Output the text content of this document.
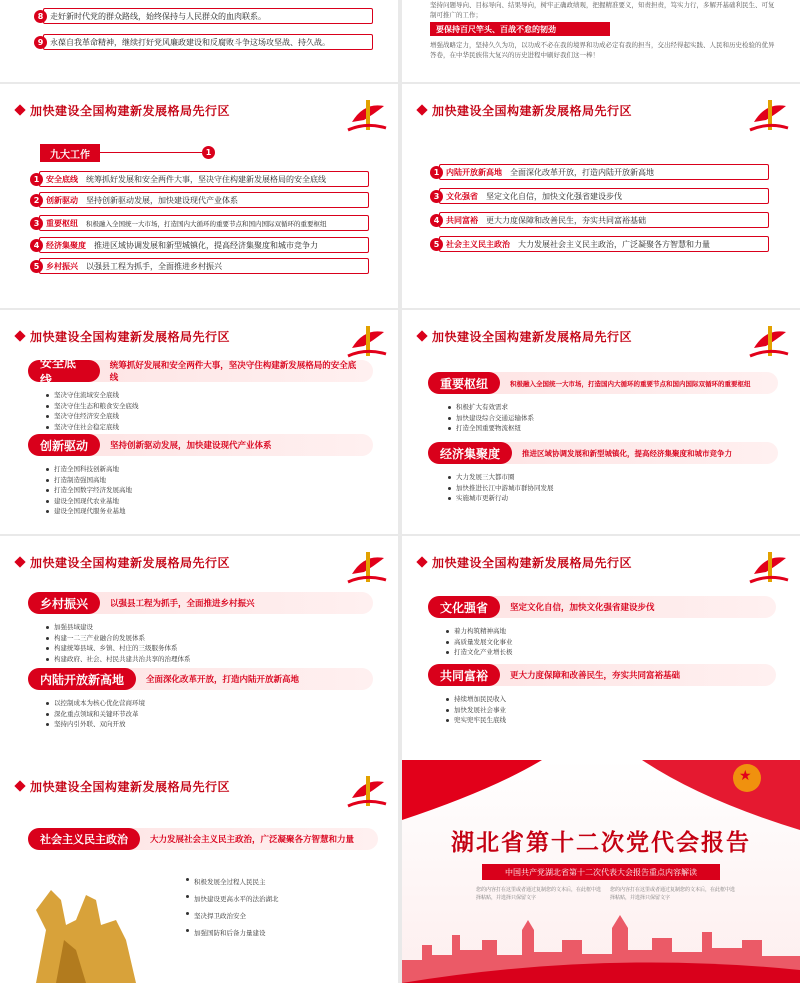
8 走好新时代党的群众路线，始终保持与人民群众的血肉联系。
9 永葆自我革命精神，继续打好党风廉政建设和反腐败斗争这场攻坚战、持久战。
坚持问题导向、目标导向、结果导向，树牢正确政绩观，把握精准要义，知责担责，笃实力行，多解开基础利民生、可复制可推广的工作；
要保持百尺竿头、百战不怠的韧劲
增强战略定力，坚持久久为功，以功成不必在我的境界和功成必定有我的担当，交出经得起实践、人民和历史检验的优异答卷，在中华民族伟大复兴的历史进程中刷好我们这一棒！
加快建设全国构建新发展格局先行区
九大工作	1
1 安全底线 统筹抓好发展和安全两件大事，坚决守住构建新发展格局的安全底线
2 创新驱动 坚持创新驱动发展，加快建设现代产业体系
3 重要枢纽 积极融入全国统一大市场，打造国内大循环的重要节点和国内国际双循环的重要枢纽
4 经济集聚度 推进区域协调发展和新型城镇化，提高经济集聚度和城市竞争力
5 乡村振兴 以强县工程为抓手，全面推进乡村振兴
加快建设全国构建新发展格局先行区
1 内陆开放新高地 全面深化改革开放，打造内陆开放新高地
3 文化强省 坚定文化自信，加快文化强省建设步伐
4 共同富裕 更大力度保障和改善民生，夯实共同富裕基础
5 社会主义民主政治 大力发展社会主义民主政治，广泛凝聚各方智慧和力量
加快建设全国构建新发展格局先行区
安全底线
统筹抓好发展和安全两件大事，坚决守住构建新发展格局的安全底线
坚决守住流域安全底线
坚决守住生态和粮食安全底线
坚决守住经济安全底线
坚决守住社会稳定底线
创新驱动	坚持创新驱动发展，加快建设现代产业体系
打造全国科技创新高地
打造制造强国高地
打造全国数字经济发展高地
建设全国现代农业基地
建设全国现代服务业基地
加快建设全国构建新发展格局先行区
重要枢纽	积极融入全国统一大市场，打造国内大循环的重要节点和国内国际双循环的重要枢纽
积极扩大有效需求
加快建设综合交通运输体系
打造全国重要物流枢纽
经济集聚度	推进区域协调发展和新型城镇化，提高经济集聚度和城市竞争力
大力发展三大都市圈
加快推进长江中游城市群协同发展
实施城市更新行动
加快建设全国构建新发展格局先行区
乡村振兴	以强县工程为抓手，全面推进乡村振兴
加强县域建设
构建一二三产业融合的发展体系
构建统筹县域、乡镇、村庄的三级服务体系
构建政府、社会、村民共建共治共享的治理体系
内陆开放新高地	全面深化改革开放，打造内陆开放新高地
以控制成本为核心优化营商环境
深化重点领域和关键环节改革
坚持内引外联、双向开放
加快建设全国构建新发展格局先行区
文化强省	坚定文化自信，加快文化强省建设步伐
着力构筑精神高地
高质量发展文化事业
打造文化产业增长极
共同富裕	更大力度保障和改善民生，夯实共同富裕基础
持续增加民民收入
加快发展社会事业
兜实兜牢民生底线
加快建设全国构建新发展格局先行区
社会主义民主政治	大力发展社会主义民主政治，广泛凝聚各方智慧和力量
积极发展全过程人民民主
加快建设更高水平的法治湖北
坚决捍卫政治安全
加强国防和后备力量建设
★
湖北省第十二次党代会报告
中国共产党湖北省第十二次代表大会报告重点内容解读
您的内容打在这里或者通过复制您的文本后，在此框中选择粘贴，并选择只保留文字
您的内容打在这里或者通过复制您的文本后，在此框中选择粘贴，并选择只保留文字
